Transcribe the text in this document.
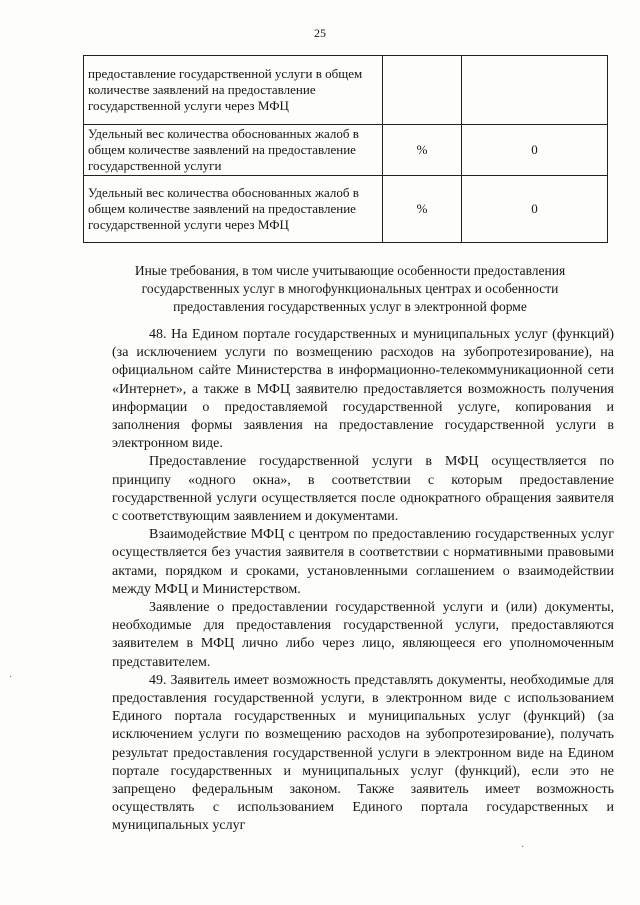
25
предоставление государственной услуги в общем количестве заявлений на предоставление государственной услуги через МФЦ		
Удельный вес количества обоснованных жалоб в общем количестве заявлений на предоставление государственной услуги	%	0
Удельный вес количества обоснованных жалоб в общем количестве заявлений на предоставление государственной услуги через МФЦ	%	0
Иные требования, в том числе учитывающие особенности предоставления государственных услуг в многофункциональных центрах и особенности предоставления государственных услуг в электронной форме

48. На Едином портале государственных и муниципальных услуг (функций) (за исключением услуги по возмещению расходов на зубопротезирование), на официальном сайте Министерства в информационно-телекоммуникационной сети «Интернет», а также в МФЦ заявителю предоставляется возможность получения информации о предоставляемой государственной услуге, копирования и заполнения формы заявления на предоставление государственной услуги в электронном виде.

Предоставление государственной услуги в МФЦ осуществляется по принципу «одного окна», в соответствии с которым предоставление государственной услуги осуществляется после однократного обращения заявителя с соответствующим заявлением и документами.

Взаимодействие МФЦ с центром по предоставлению государственных услуг осуществляется без участия заявителя в соответствии с нормативными правовыми актами, порядком и сроками, установленными соглашением о взаимодействии между МФЦ и Министерством.

Заявление о предоставлении государственной услуги и (или) документы, необходимые для предоставления государственной услуги, предоставляются заявителем в МФЦ лично либо через лицо, являющееся его уполномоченным представителем.

49. Заявитель имеет возможность представлять документы, необходимые для предоставления государственной услуги, в электронном виде с использованием Единого портала государственных и муниципальных услуг (функций) (за исключением услуги по возмещению расходов на зубопротезирование), получать результат предоставления государственной услуги в электронном виде на Едином портале государственных и муниципальных услуг (функций), если это не запрещено федеральным законом. Также заявитель имеет возможность осуществлять с использованием Единого портала государственных и муниципальных услуг

·
·
